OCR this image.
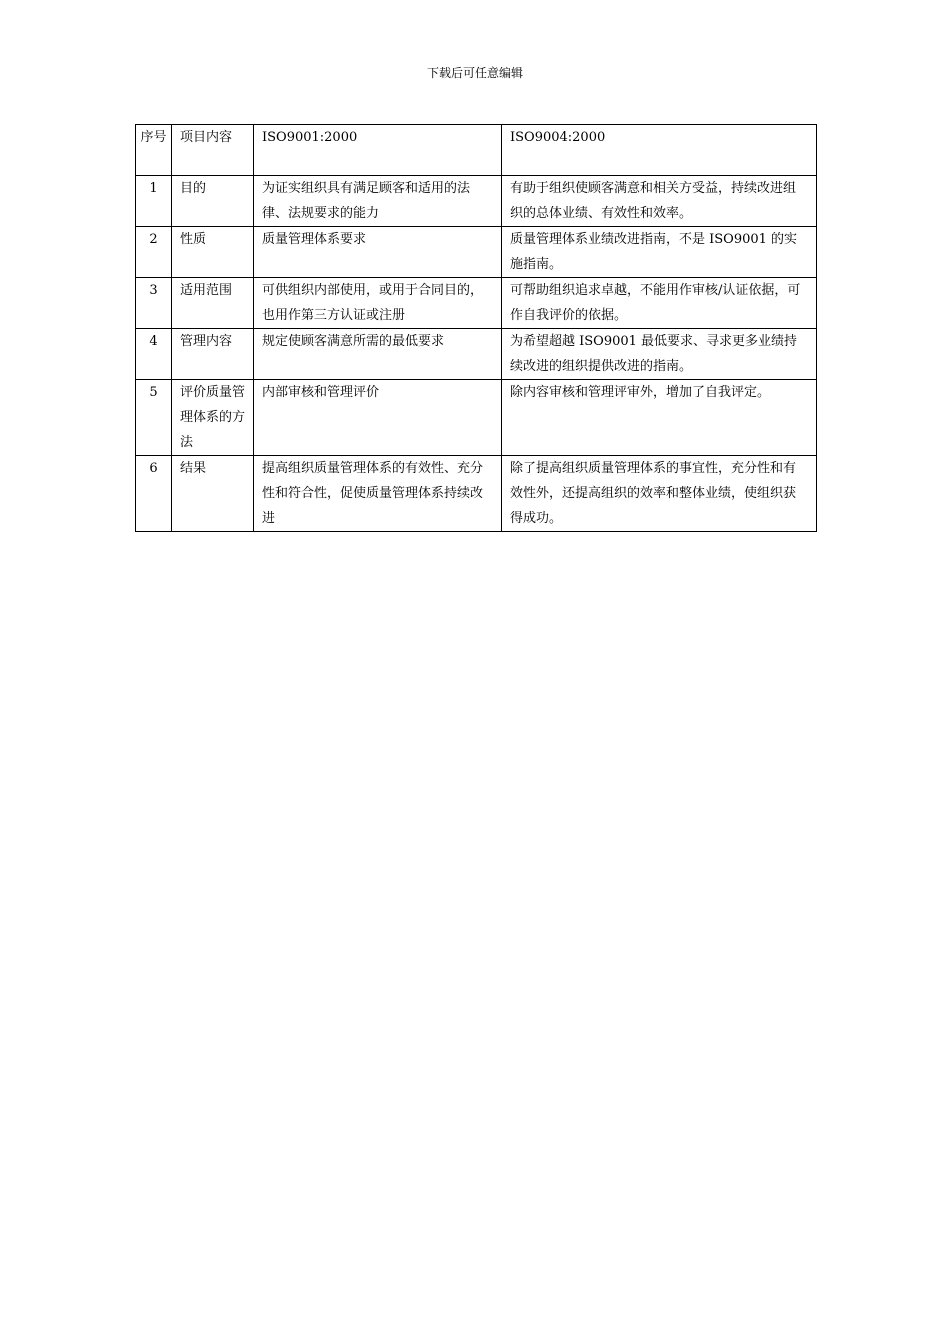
下载后可任意编辑
序号	项目内容	ISO9001:2000	ISO9004:2000
1	目的	为证实组织具有满足顾客和适用的法律、法规要求的能力	有助于组织使顾客满意和相关方受益，持续改进组织的总体业绩、有效性和效率。
2	性质	质量管理体系要求	质量管理体系业绩改进指南，不是 ISO9001 的实施指南。
3	适用范围	可供组织内部使用，或用于合同目的，也用作第三方认证或注册	可帮助组织追求卓越，不能用作审核/认证依据，可作自我评价的依据。
4	管理内容	规定使顾客满意所需的最低要求	为希望超越 ISO9001 最低要求、寻求更多业绩持续改进的组织提供改进的指南。
5	评价质量管理体系的方法	内部审核和管理评价	除内容审核和管理评审外，增加了自我评定。
6	结果	提高组织质量管理体系的有效性、充分性和符合性，促使质量管理体系持续改进	除了提高组织质量管理体系的事宜性，充分性和有效性外，还提高组织的效率和整体业绩，使组织获得成功。
